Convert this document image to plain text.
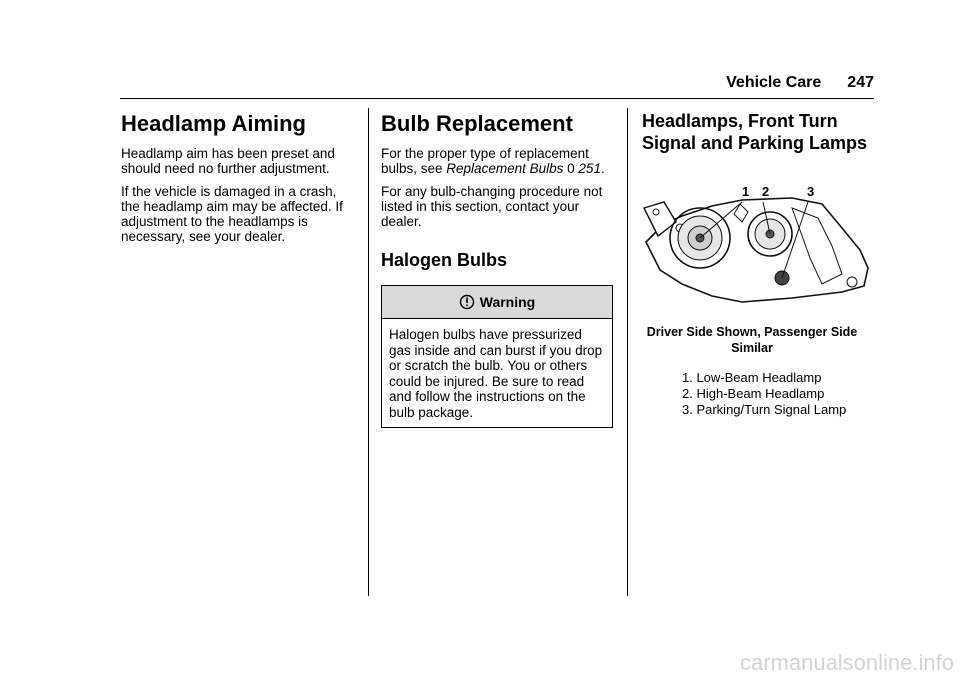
Vehicle Care 247
Headlamp Aiming

Headlamp aim has been preset and should need no further adjustment.

If the vehicle is damaged in a crash, the headlamp aim may be affected. If adjustment to the headlamps is necessary, see your dealer.

Bulb Replacement

For the proper type of replacement bulbs, see Replacement Bulbs 0 251.

For any bulb-changing procedure not listed in this section, contact your dealer.

Halogen Bulbs
Warning
Halogen bulbs have pressurized gas inside and can burst if you drop or scratch the bulb. You or others could be injured. Be sure to read and follow the instructions on the bulb package.
Headlamps, Front Turn Signal and Parking Lamps
1 2	3
Driver Side Shown, Passenger Side Similar
1. Low-Beam Headlamp
2. High-Beam Headlamp
3. Parking/Turn Signal Lamp
carmanualsonline.info
